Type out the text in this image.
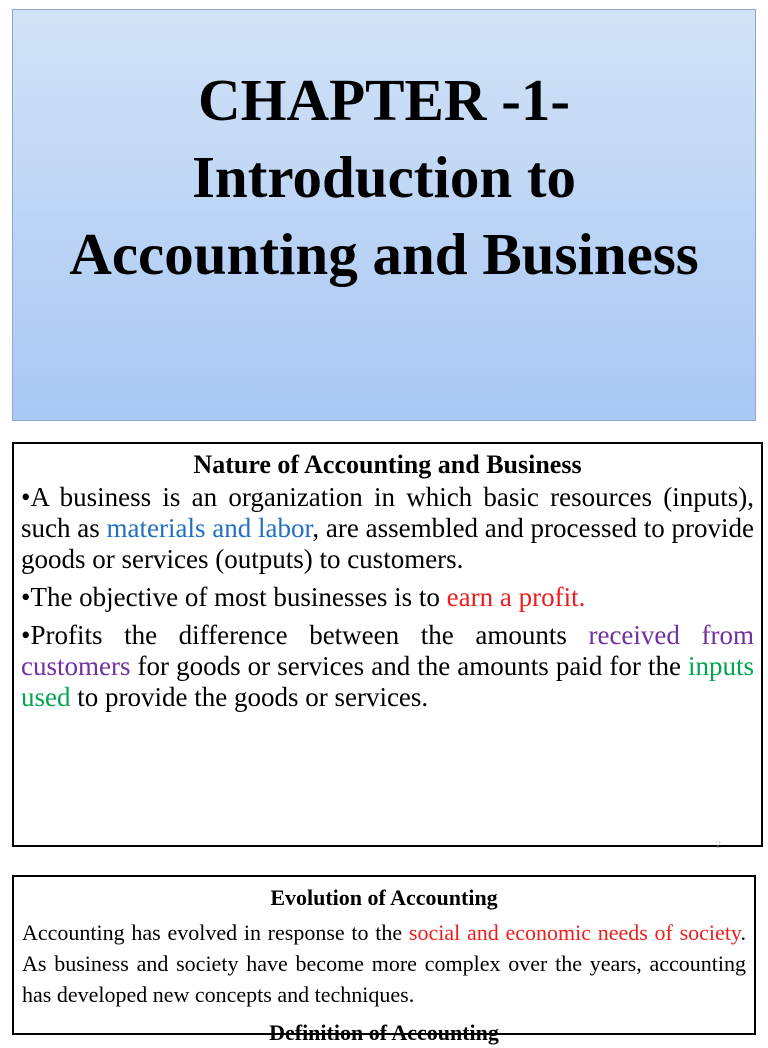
CHAPTER -1-
Introduction to
Accounting and Business
Nature of Accounting and Business

•A business is an organization in which basic resources (inputs), such as materials and labor, are assembled and processed to provide goods or services (outputs) to customers.

•The objective of most businesses is to earn a profit.

•Profits the difference between the amounts received from customers for goods or services and the amounts paid for the inputs used to provide the goods or services.

2
Evolution of Accounting

Accounting has evolved in response to the social and economic needs of society. As business and society have become more complex over the years, accounting has developed new concepts and techniques.

Definition of Accounting
